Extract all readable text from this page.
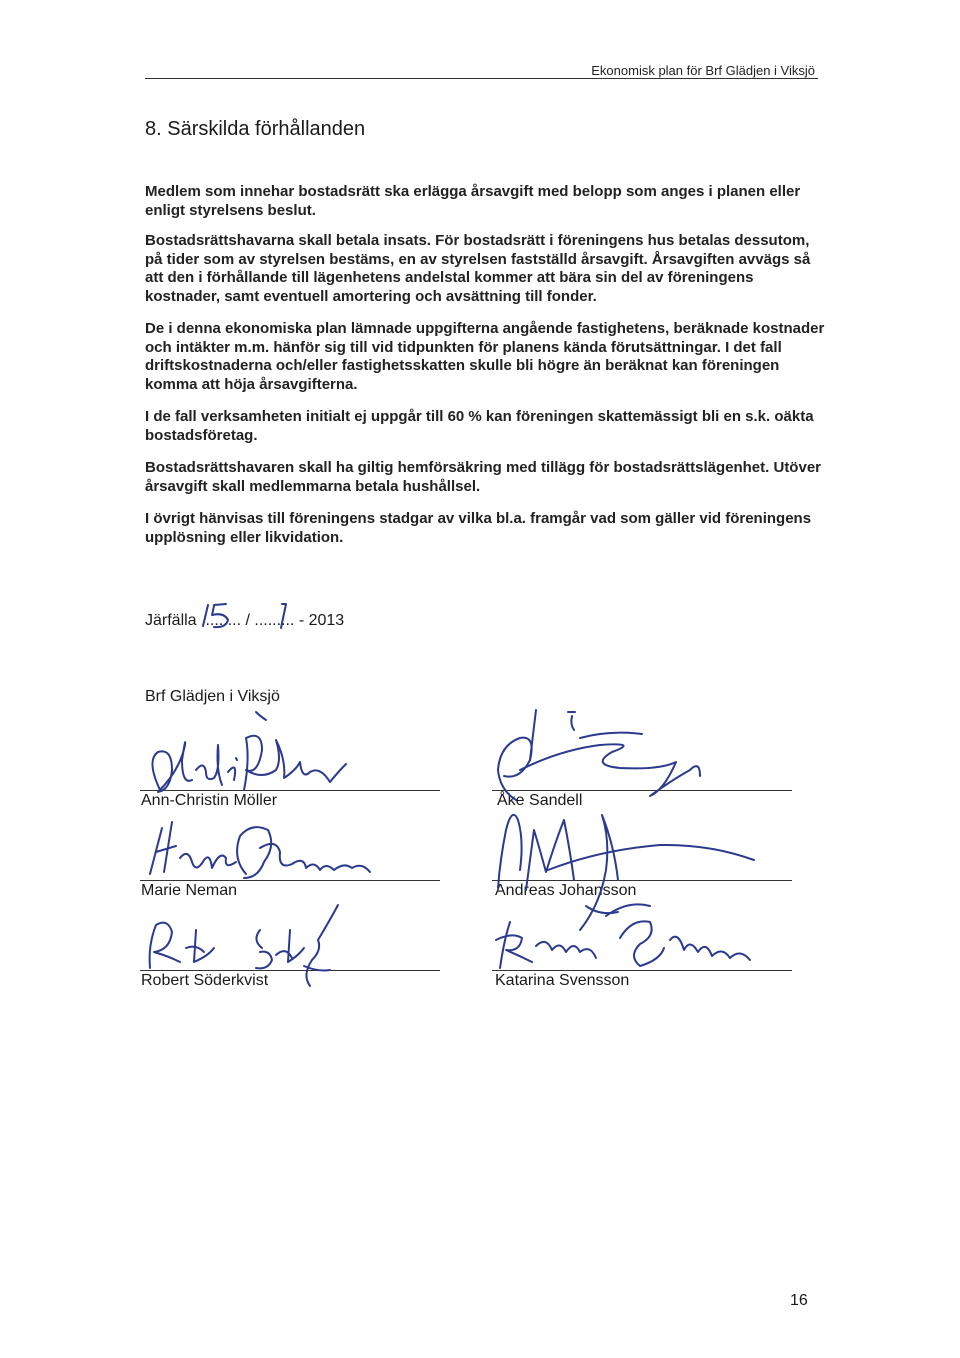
Ekonomisk plan för Brf Glädjen i Viksjö
8. Särskilda förhållanden

Medlem som innehar bostadsrätt ska erlägga årsavgift med belopp som anges i planen eller enligt styrelsens beslut.

Bostadsrättshavarna skall betala insats. För bostadsrätt i föreningens hus betalas dessutom, på tider som av styrelsen bestäms, en av styrelsen fastställd årsavgift. Årsavgiften avvägs så att den i förhållande till lägenhetens andelstal kommer att bära sin del av föreningens kostnader, samt eventuell amortering och avsättning till fonder.

De i denna ekonomiska plan lämnade uppgifterna angående fastighetens, beräknade kostnader och intäkter m.m. hänför sig till vid tidpunkten för planens kända förutsättningar. I det fall driftskostnaderna och/eller fastighetsskatten skulle bli högre än beräknat kan föreningen komma att höja årsavgifterna.

I de fall verksamheten initialt ej uppgår till 60 % kan föreningen skattemässigt bli en s.k. oäkta bostadsföretag.

Bostadsrättshavaren skall ha giltig hemförsäkring med tillägg för bostadsrättslägenhet. Utöver årsavgift skall medlemmarna betala hushållsel.

I övrigt hänvisas till föreningens stadgar av vilka bl.a. framgår vad som gäller vid föreningens upplösning eller likvidation.

Järfälla ......... / ......... - 2013
Brf Glädjen i Viksjö
Ann-Christin Möller	Åke Sandell
Marie Neman	Andreas Johansson
Robert Söderkvist	Katarina Svensson
16
